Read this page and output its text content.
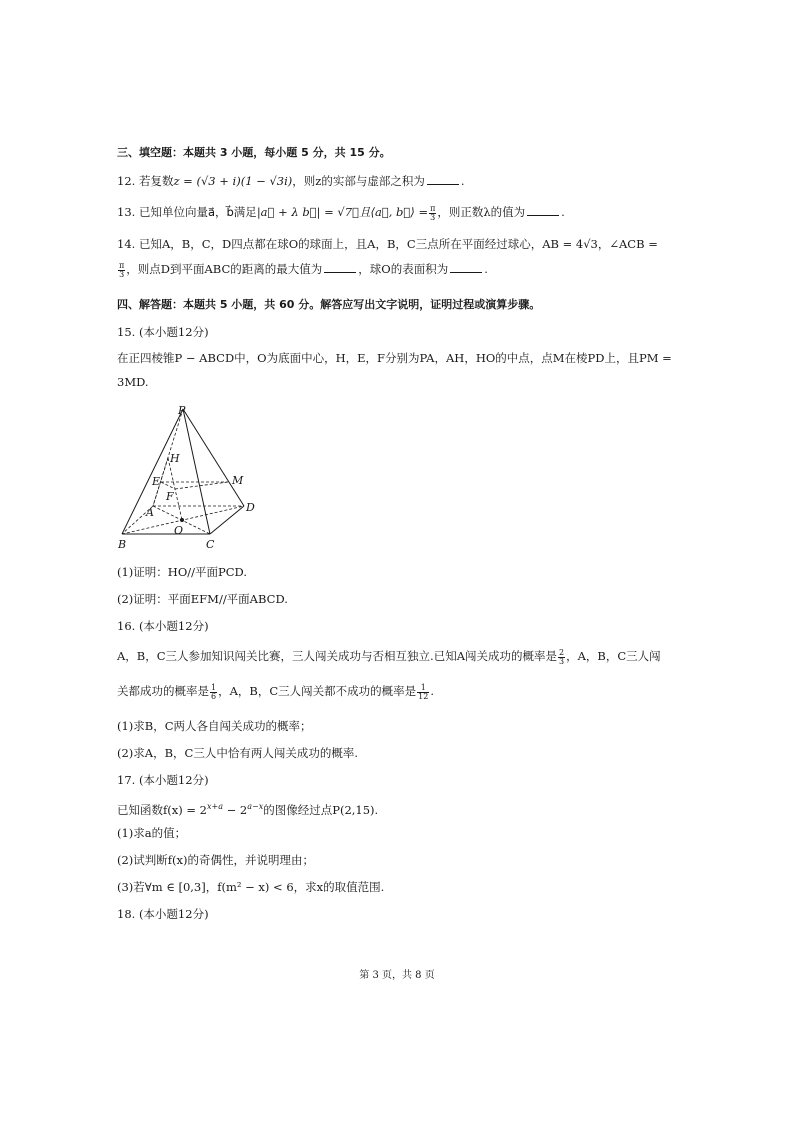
三、填空题：本题共 3 小题，每小题 5 分，共 15 分。
12. 若复数z = (√3 + i)(1 − √3i)，则z的实部与虚部之积为	.
13. 已知单位向量a⃗，b⃗满足|a⃗ + λ b⃗| = √7，且⟨a⃗, b⃗⟩ = $\frac{\pi}{3}$ ，则正数λ的值为	.
14. 已知A，B，C，D四点都在球O的球面上，且A，B，C三点所在平面经过球心，AB = 4√3，∠ACB =
$\frac{\pi}{3}$ ，则点D到平面ABC的距离的最大值为	，球O的表面积为	.
四、解答题：本题共 5 小题，共 60 分。解答应写出文字说明，证明过程或演算步骤。
15. (本小题12分)
在正四棱锥P − ABCD中，O为底面中心，H，E，F分别为PA，AH，HO的中点，点M在棱PD上，且PM =
3MD.
P
H
E	M
F
A	D
O
B	C
(1)证明：HO//平面PCD.
(2)证明：平面EFM//平面ABCD.
16. (本小题12分)
A，B，C三人参加知识闯关比赛，三人闯关成功与否相互独立.已知A闯关成功的概率是 $\frac{2}{3}$ ，A，B，C三人闯
关都成功的概率是 $\frac{1}{6}$ ，A，B，C三人闯关都不成功的概率是 $\frac{1}{12}$ .
(1)求B，C两人各自闯关成功的概率；
(2)求A，B，C三人中恰有两人闯关成功的概率.
17. (本小题12分)
已知函数$f(x) = 2^{x+a} - 2^{a-x}$的图像经过点P(2,15).
(1)求a的值；
(2)试判断f(x)的奇偶性，并说明理由；
(3)若∀m ∈ [0,3]，f(m² − x) < 6，求x的取值范围.
18. (本小题12分)
第 3 页，共 8 页
